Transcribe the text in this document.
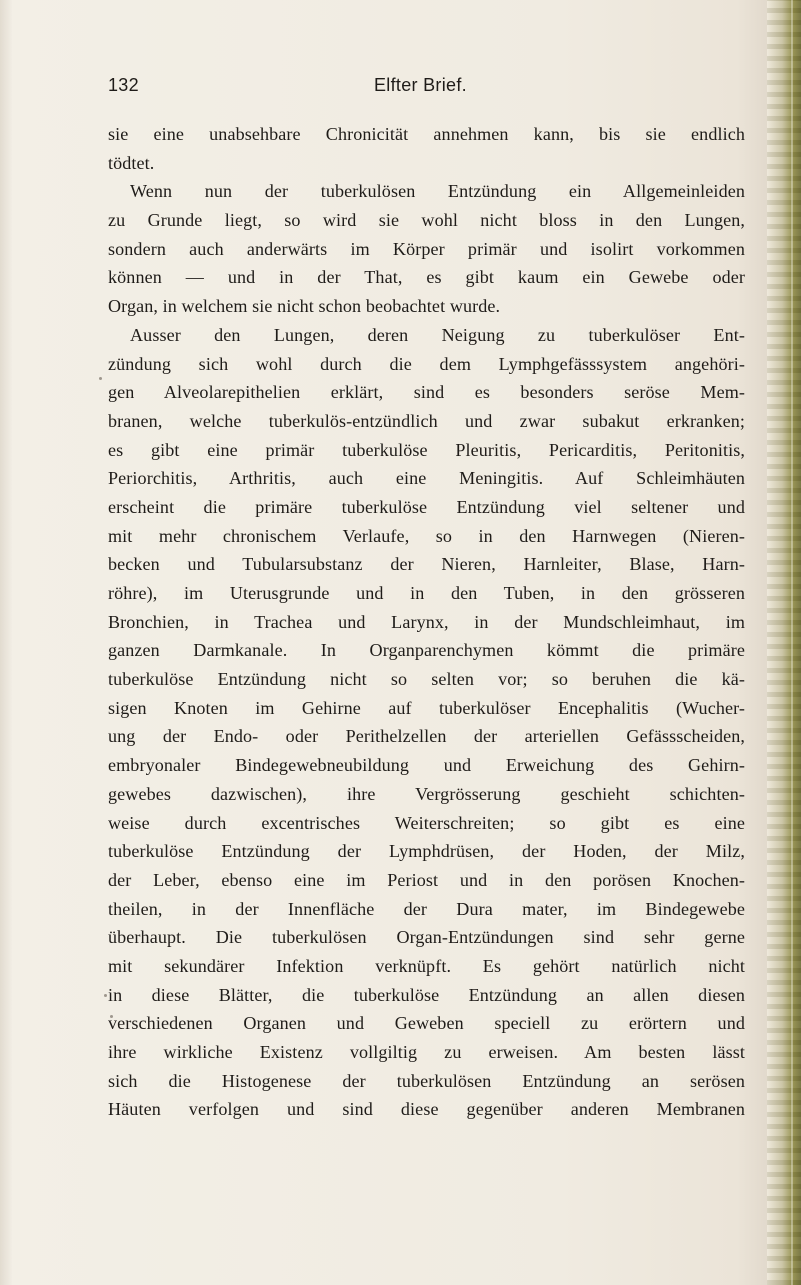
132	Elfter Brief.
sie eine unabsehbare Chronicität annehmen kann, bis sie endlich
tödtet.
Wenn nun der tuberkulösen Entzündung ein Allgemeinleiden
zu Grunde liegt, so wird sie wohl nicht bloss in den Lungen,
sondern auch anderwärts im Körper primär und isolirt vorkommen
können — und in der That, es gibt kaum ein Gewebe oder
Organ, in welchem sie nicht schon beobachtet wurde.
Ausser den Lungen, deren Neigung zu tuberkulöser Ent-
zündung sich wohl durch die dem Lymphgefässsystem angehöri-
gen Alveolarepithelien erklärt, sind es besonders seröse Mem-
branen, welche tuberkulös-entzündlich und zwar subakut erkranken;
es gibt eine primär tuberkulöse Pleuritis, Pericarditis, Peritonitis,
Periorchitis, Arthritis, auch eine Meningitis. Auf Schleimhäuten
erscheint die primäre tuberkulöse Entzündung viel seltener und
mit mehr chronischem Verlaufe, so in den Harnwegen (Nieren-
becken und Tubularsubstanz der Nieren, Harnleiter, Blase, Harn-
röhre), im Uterusgrunde und in den Tuben, in den grösseren
Bronchien, in Trachea und Larynx, in der Mundschleimhaut, im
ganzen Darmkanale. In Organparenchymen kömmt die primäre
tuberkulöse Entzündung nicht so selten vor; so beruhen die kä-
sigen Knoten im Gehirne auf tuberkulöser Encephalitis (Wucher-
ung der Endo- oder Perithelzellen der arteriellen Gefässscheiden,
embryonaler Bindegewebneubildung und Erweichung des Gehirn-
gewebes dazwischen), ihre Vergrösserung geschieht schichten-
weise durch excentrisches Weiterschreiten; so gibt es eine
tuberkulöse Entzündung der Lymphdrüsen, der Hoden, der Milz,
der Leber, ebenso eine im Periost und in den porösen Knochen-
theilen, in der Innenfläche der Dura mater, im Bindegewebe
überhaupt. Die tuberkulösen Organ-Entzündungen sind sehr gerne
mit sekundärer Infektion verknüpft. Es gehört natürlich nicht
in diese Blätter, die tuberkulöse Entzündung an allen diesen
verschiedenen Organen und Geweben speciell zu erörtern und
ihre wirkliche Existenz vollgiltig zu erweisen. Am besten lässt
sich die Histogenese der tuberkulösen Entzündung an serösen
Häuten verfolgen und sind diese gegenüber anderen Membranen
